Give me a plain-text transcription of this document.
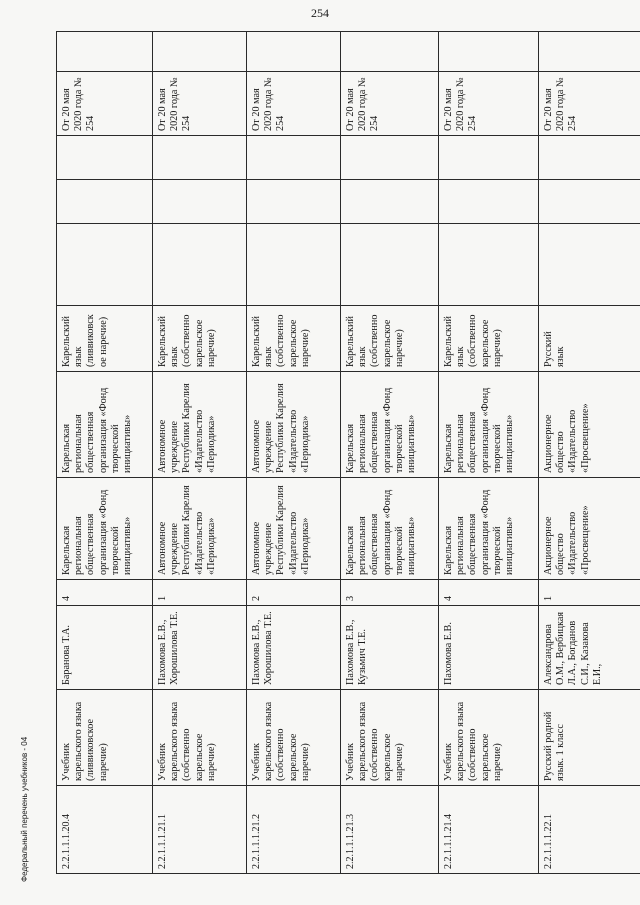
254
2.2.1.1.1.20.4	Учебник карельского языка (ливвиковское наречие)	Баранова Т.А.	4	Карельская региональная общественная организация «Фонд творческой инициативы»	Карельская региональная общественная организация «Фонд творческой инициативы»	Карельский язык (ливвиковское наречие)				От 20 мая 2020 года № 254	
2.2.1.1.1.21.1	Учебник карельского языка (собственно карельское наречие)	Пахомова Е.В., Хорошилова Т.Е.	1	Автономное учреждение Республики Карелия «Издательство «Периодика»	Автономное учреждение Республики Карелия «Издательство «Периодика»	Карельский язык (собственно карельское наречие)				От 20 мая 2020 года № 254	
2.2.1.1.1.21.2	Учебник карельского языка (собственно карельское наречие)	Пахомова Е.В., Хорошилова Т.Е.	2	Автономное учреждение Республики Карелия «Издательство «Периодика»	Автономное учреждение Республики Карелия «Издательство «Периодика»	Карельский язык (собственно карельское наречие)				От 20 мая 2020 года № 254	
2.2.1.1.1.21.3	Учебник карельского языка (собственно карельское наречие)	Пахомова Е.В., Кузьмич Т.Е.	3	Карельская региональная общественная организация «Фонд творческой инициативы»	Карельская региональная общественная организация «Фонд творческой инициативы»	Карельский язык (собственно карельское наречие)				От 20 мая 2020 года № 254	
2.2.1.1.1.21.4	Учебник карельского языка (собственно карельское наречие)	Пахомова Е.В.	4	Карельская региональная общественная организация «Фонд творческой инициативы»	Карельская региональная общественная организация «Фонд творческой инициативы»	Карельский язык (собственно карельское наречие)				От 20 мая 2020 года № 254	
2.2.1.1.1.22.1	Русский родной язык. 1 класс	Александрова О.М., Вербицкая Л.А., Богданов С.И., Казакова Е.И.,	1	Акционерное общество «Издательство «Просвещение»	Акционерное общество «Издательство «Просвещение»	Русский язык				От 20 мая 2020 года № 254	
Федеральный перечень учебников - 04
